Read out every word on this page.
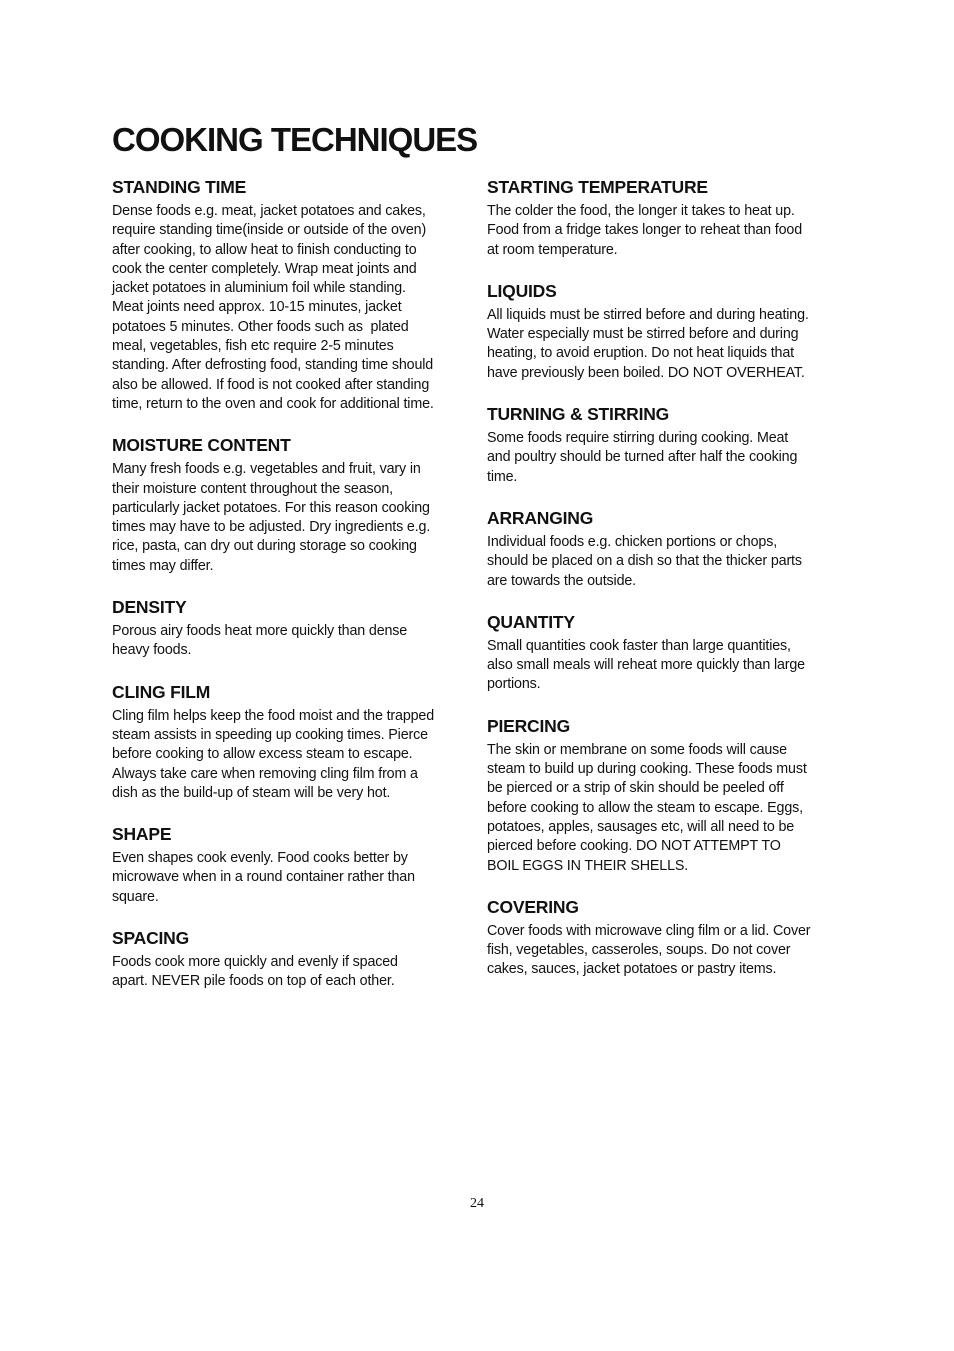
COOKING TECHNIQUES
STANDING TIME

Dense foods e.g. meat, jacket potatoes and cakes,
require standing time(inside or outside of the oven)
after cooking, to allow heat to finish conducting to
cook the center completely. Wrap meat joints and
jacket potatoes in aluminium foil while standing.
Meat joints need approx. 10-15 minutes, jacket
potatoes 5 minutes. Other foods such as  plated
meal, vegetables, fish etc require 2-5 minutes
standing. After defrosting food, standing time should
also be allowed. If food is not cooked after standing
time, return to the oven and cook for additional time.

MOISTURE CONTENT

Many fresh foods e.g. vegetables and fruit, vary in
their moisture content throughout the season,
particularly jacket potatoes. For this reason cooking
times may have to be adjusted. Dry ingredients e.g.
rice, pasta, can dry out during storage so cooking
times may differ.

DENSITY

Porous airy foods heat more quickly than dense
heavy foods.

CLING FILM

Cling film helps keep the food moist and the trapped
steam assists in speeding up cooking times. Pierce
before cooking to allow excess steam to escape.
Always take care when removing cling film from a
dish as the build-up of steam will be very hot.

SHAPE

Even shapes cook evenly. Food cooks better by
microwave when in a round container rather than
square.

SPACING

Foods cook more quickly and evenly if spaced
apart. NEVER pile foods on top of each other.

STARTING TEMPERATURE

The colder the food, the longer it takes to heat up.
Food from a fridge takes longer to reheat than food
at room temperature.

LIQUIDS

All liquids must be stirred before and during heating.
Water especially must be stirred before and during
heating, to avoid eruption. Do not heat liquids that
have previously been boiled. DO NOT OVERHEAT.

TURNING & STIRRING

Some foods require stirring during cooking. Meat
and poultry should be turned after half the cooking
time.

ARRANGING

Individual foods e.g. chicken portions or chops,
should be placed on a dish so that the thicker parts
are towards the outside.

QUANTITY

Small quantities cook faster than large quantities,
also small meals will reheat more quickly than large
portions.

PIERCING

The skin or membrane on some foods will cause
steam to build up during cooking. These foods must
be pierced or a strip of skin should be peeled off
before cooking to allow the steam to escape. Eggs,
potatoes, apples, sausages etc, will all need to be
pierced before cooking. DO NOT ATTEMPT TO
BOIL EGGS IN THEIR SHELLS.

COVERING

Cover foods with microwave cling film or a lid. Cover
fish, vegetables, casseroles, soups. Do not cover
cakes, sauces, jacket potatoes or pastry items.

24
